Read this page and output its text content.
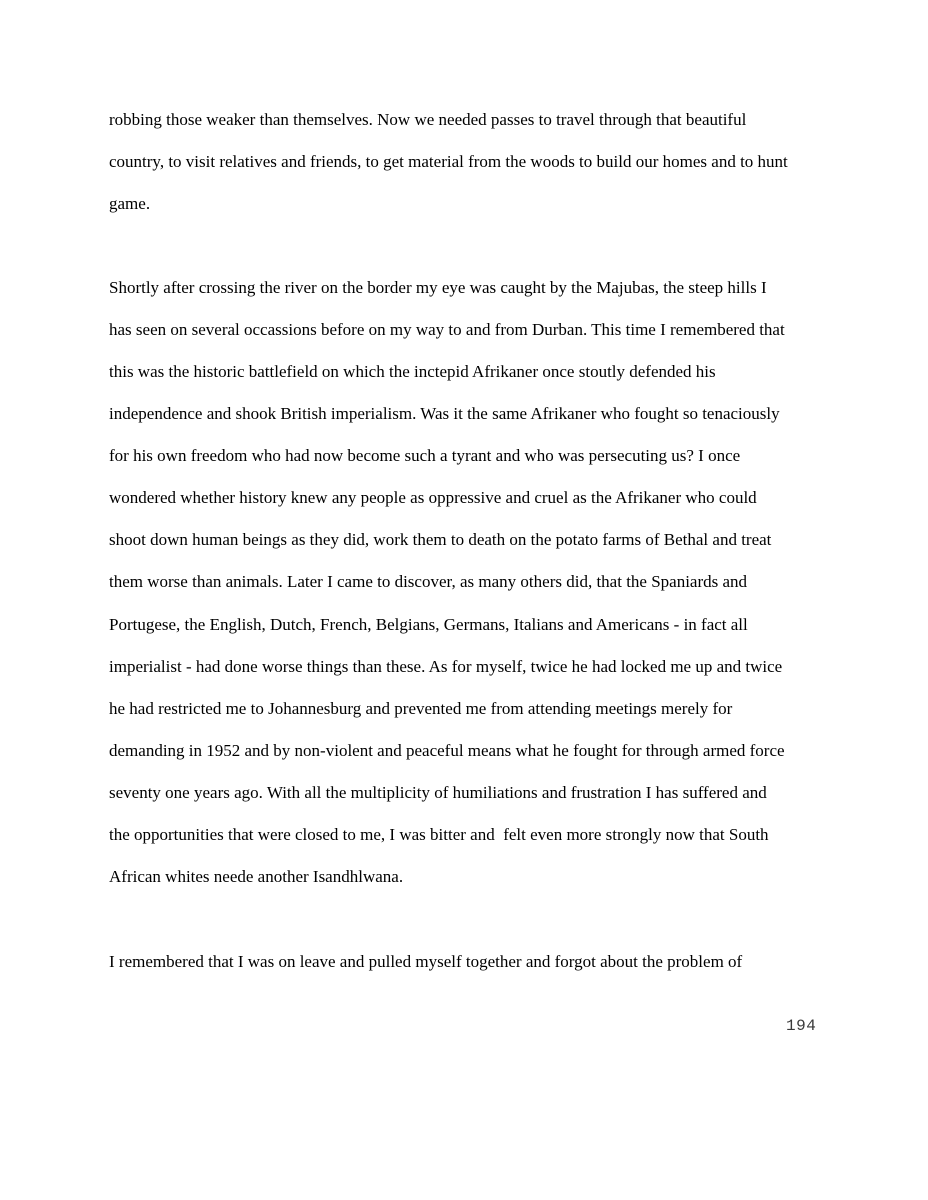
robbing those weaker than themselves. Now we needed passes to travel through that beautiful

country, to visit relatives and friends, to get material from the woods to build our homes and to hunt

game.

Shortly after crossing the river on the border my eye was caught by the Majubas, the steep hills I

has seen on several occassions before on my way to and from Durban. This time I remembered that

this was the historic battlefield on which the inctepid Afrikaner once stoutly defended his

independence and shook British imperialism. Was it the same Afrikaner who fought so tenaciously

for his own freedom who had now become such a tyrant and who was persecuting us? I once

wondered whether history knew any people as oppressive and cruel as the Afrikaner who could

shoot down human beings as they did, work them to death on the potato farms of Bethal and treat

them worse than animals. Later I came to discover, as many others did, that the Spaniards and

Portugese, the English, Dutch, French, Belgians, Germans, Italians and Americans - in fact all

imperialist - had done worse things than these. As for myself, twice he had locked me up and twice

he had restricted me to Johannesburg and prevented me from attending meetings merely for

demanding in 1952 and by non-violent and peaceful means what he fought for through armed force

seventy one years ago. With all the multiplicity of humiliations and frustration I has suffered and

the opportunities that were closed to me, I was bitter and  felt even more strongly now that South

African whites neede another Isandhlwana.

I remembered that I was on leave and pulled myself together and forgot about the problem of

194
